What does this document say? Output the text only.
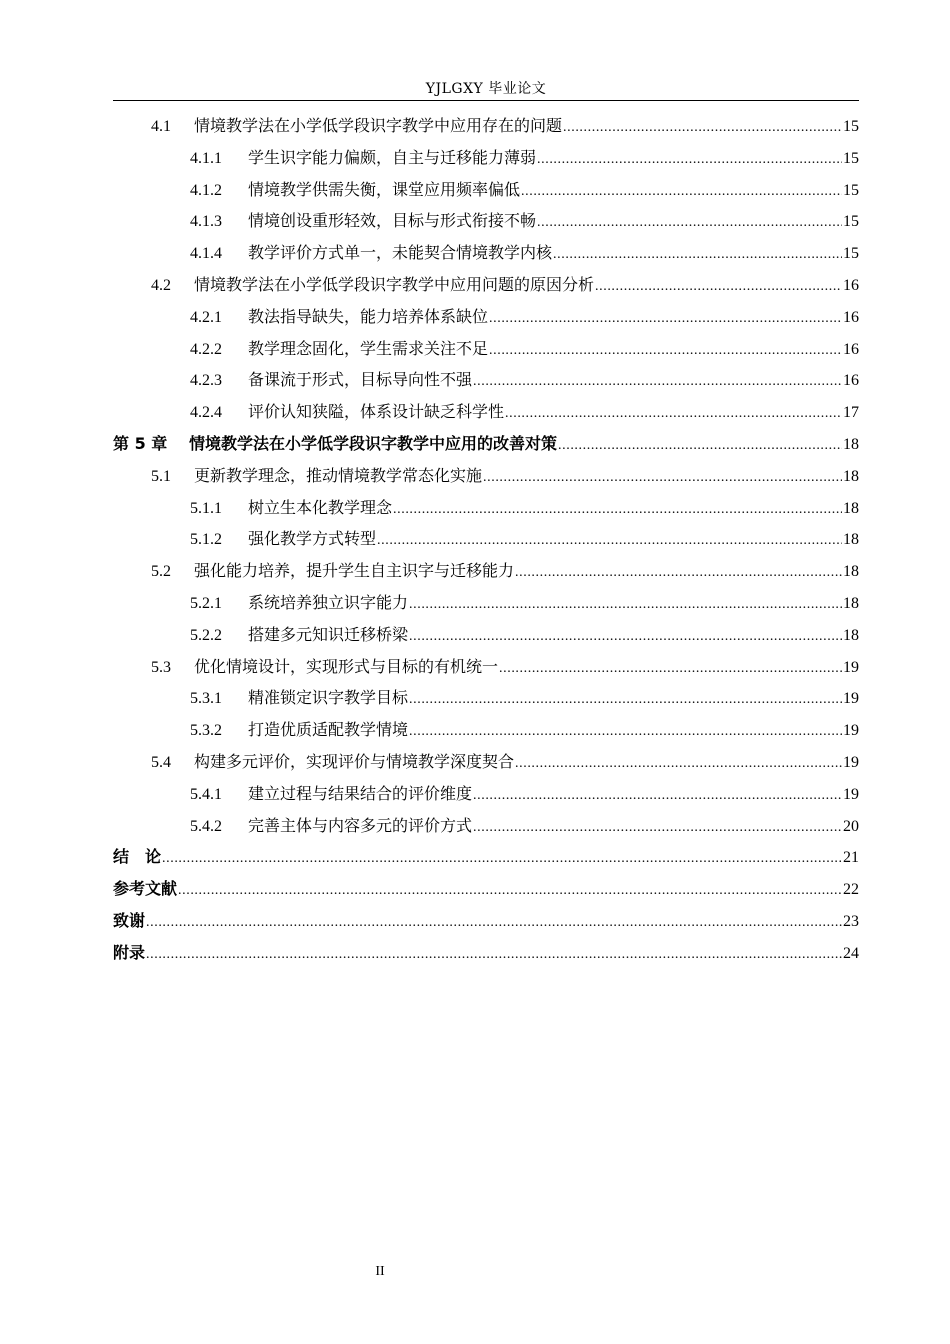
YJLGXY 毕业论文
4.1	情境教学法在小学低学段识字教学中应用存在的问题 .....	15
4.1.1	学生识字能力偏颇，自主与迁移能力薄弱 .....	15
4.1.2	情境教学供需失衡，课堂应用频率偏低 .....	15
4.1.3	情境创设重形轻效，目标与形式衔接不畅 .....	15
4.1.4	教学评价方式单一，未能契合情境教学内核 .....	15
4.2	情境教学法在小学低学段识字教学中应用问题的原因分析 .....	16
4.2.1	教法指导缺失，能力培养体系缺位 .....	16
4.2.2	教学理念固化，学生需求关注不足 .....	16
4.2.3	备课流于形式，目标导向性不强 .....	16
4.2.4	评价认知狭隘，体系设计缺乏科学性 .....	17
第 5 章	情境教学法在小学低学段识字教学中应用的改善对策 .....	18
5.1	更新教学理念，推动情境教学常态化实施 .....	18
5.1.1	树立生本化教学理念 .....	18
5.1.2	强化教学方式转型 .....	18
5.2	强化能力培养，提升学生自主识字与迁移能力 .....	18
5.2.1	系统培养独立识字能力 .....	18
5.2.2	搭建多元知识迁移桥梁 .....	18
5.3	优化情境设计，实现形式与目标的有机统一 .....	19
5.3.1	精准锁定识字教学目标 .....	19
5.3.2	打造优质适配教学情境 .....	19
5.4	构建多元评价，实现评价与情境教学深度契合 .....	19
5.4.1	建立过程与结果结合的评价维度 .....	19
5.4.2	完善主体与内容多元的评价方式 .....	20
结　论 .....	21
参考文献 .....	22
致谢 .....	23
附录 .....	24
II
